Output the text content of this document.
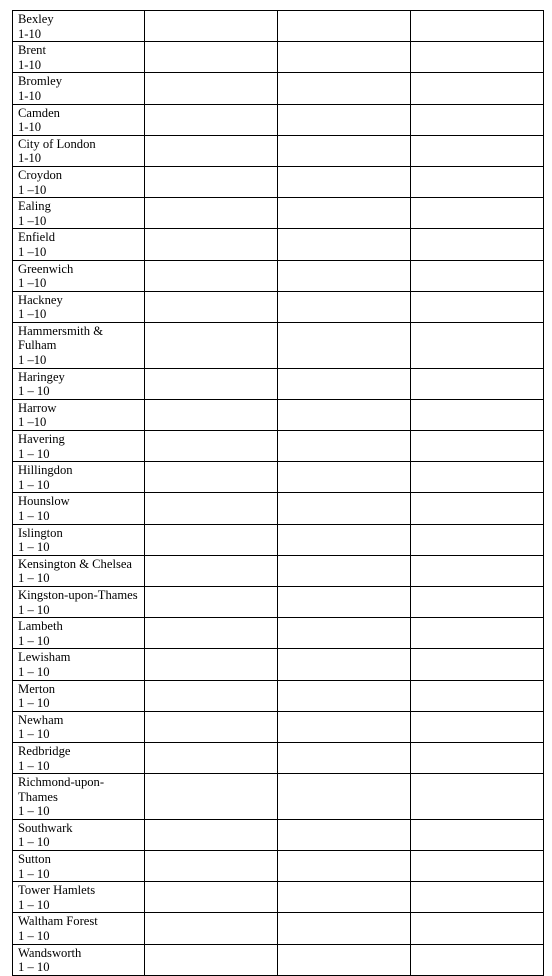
Bexley
1-10			

Brent
1-10			

Bromley
1-10			

Camden
1-10			

City of London
1-10			

Croydon
1 –10			

Ealing
1 –10			

Enfield
1 –10			

Greenwich
1 –10			

Hackney
1 –10			

Hammersmith &
Fulham
1 –10			

Haringey
1 – 10			

Harrow
1 –10			

Havering
1 – 10			

Hillingdon
1 – 10			

Hounslow
1 – 10			

Islington
1 – 10			

Kensington & Chelsea
1 – 10			

Kingston-upon-Thames
1 – 10			

Lambeth
1 – 10			

Lewisham
1 – 10			

Merton
1 – 10			

Newham
1 – 10			

Redbridge
1 – 10			

Richmond-upon-
Thames
1 – 10			

Southwark
1 – 10			

Sutton
1 – 10			

Tower Hamlets
1 – 10			

Waltham Forest
1 – 10			

Wandsworth
1 – 10			
